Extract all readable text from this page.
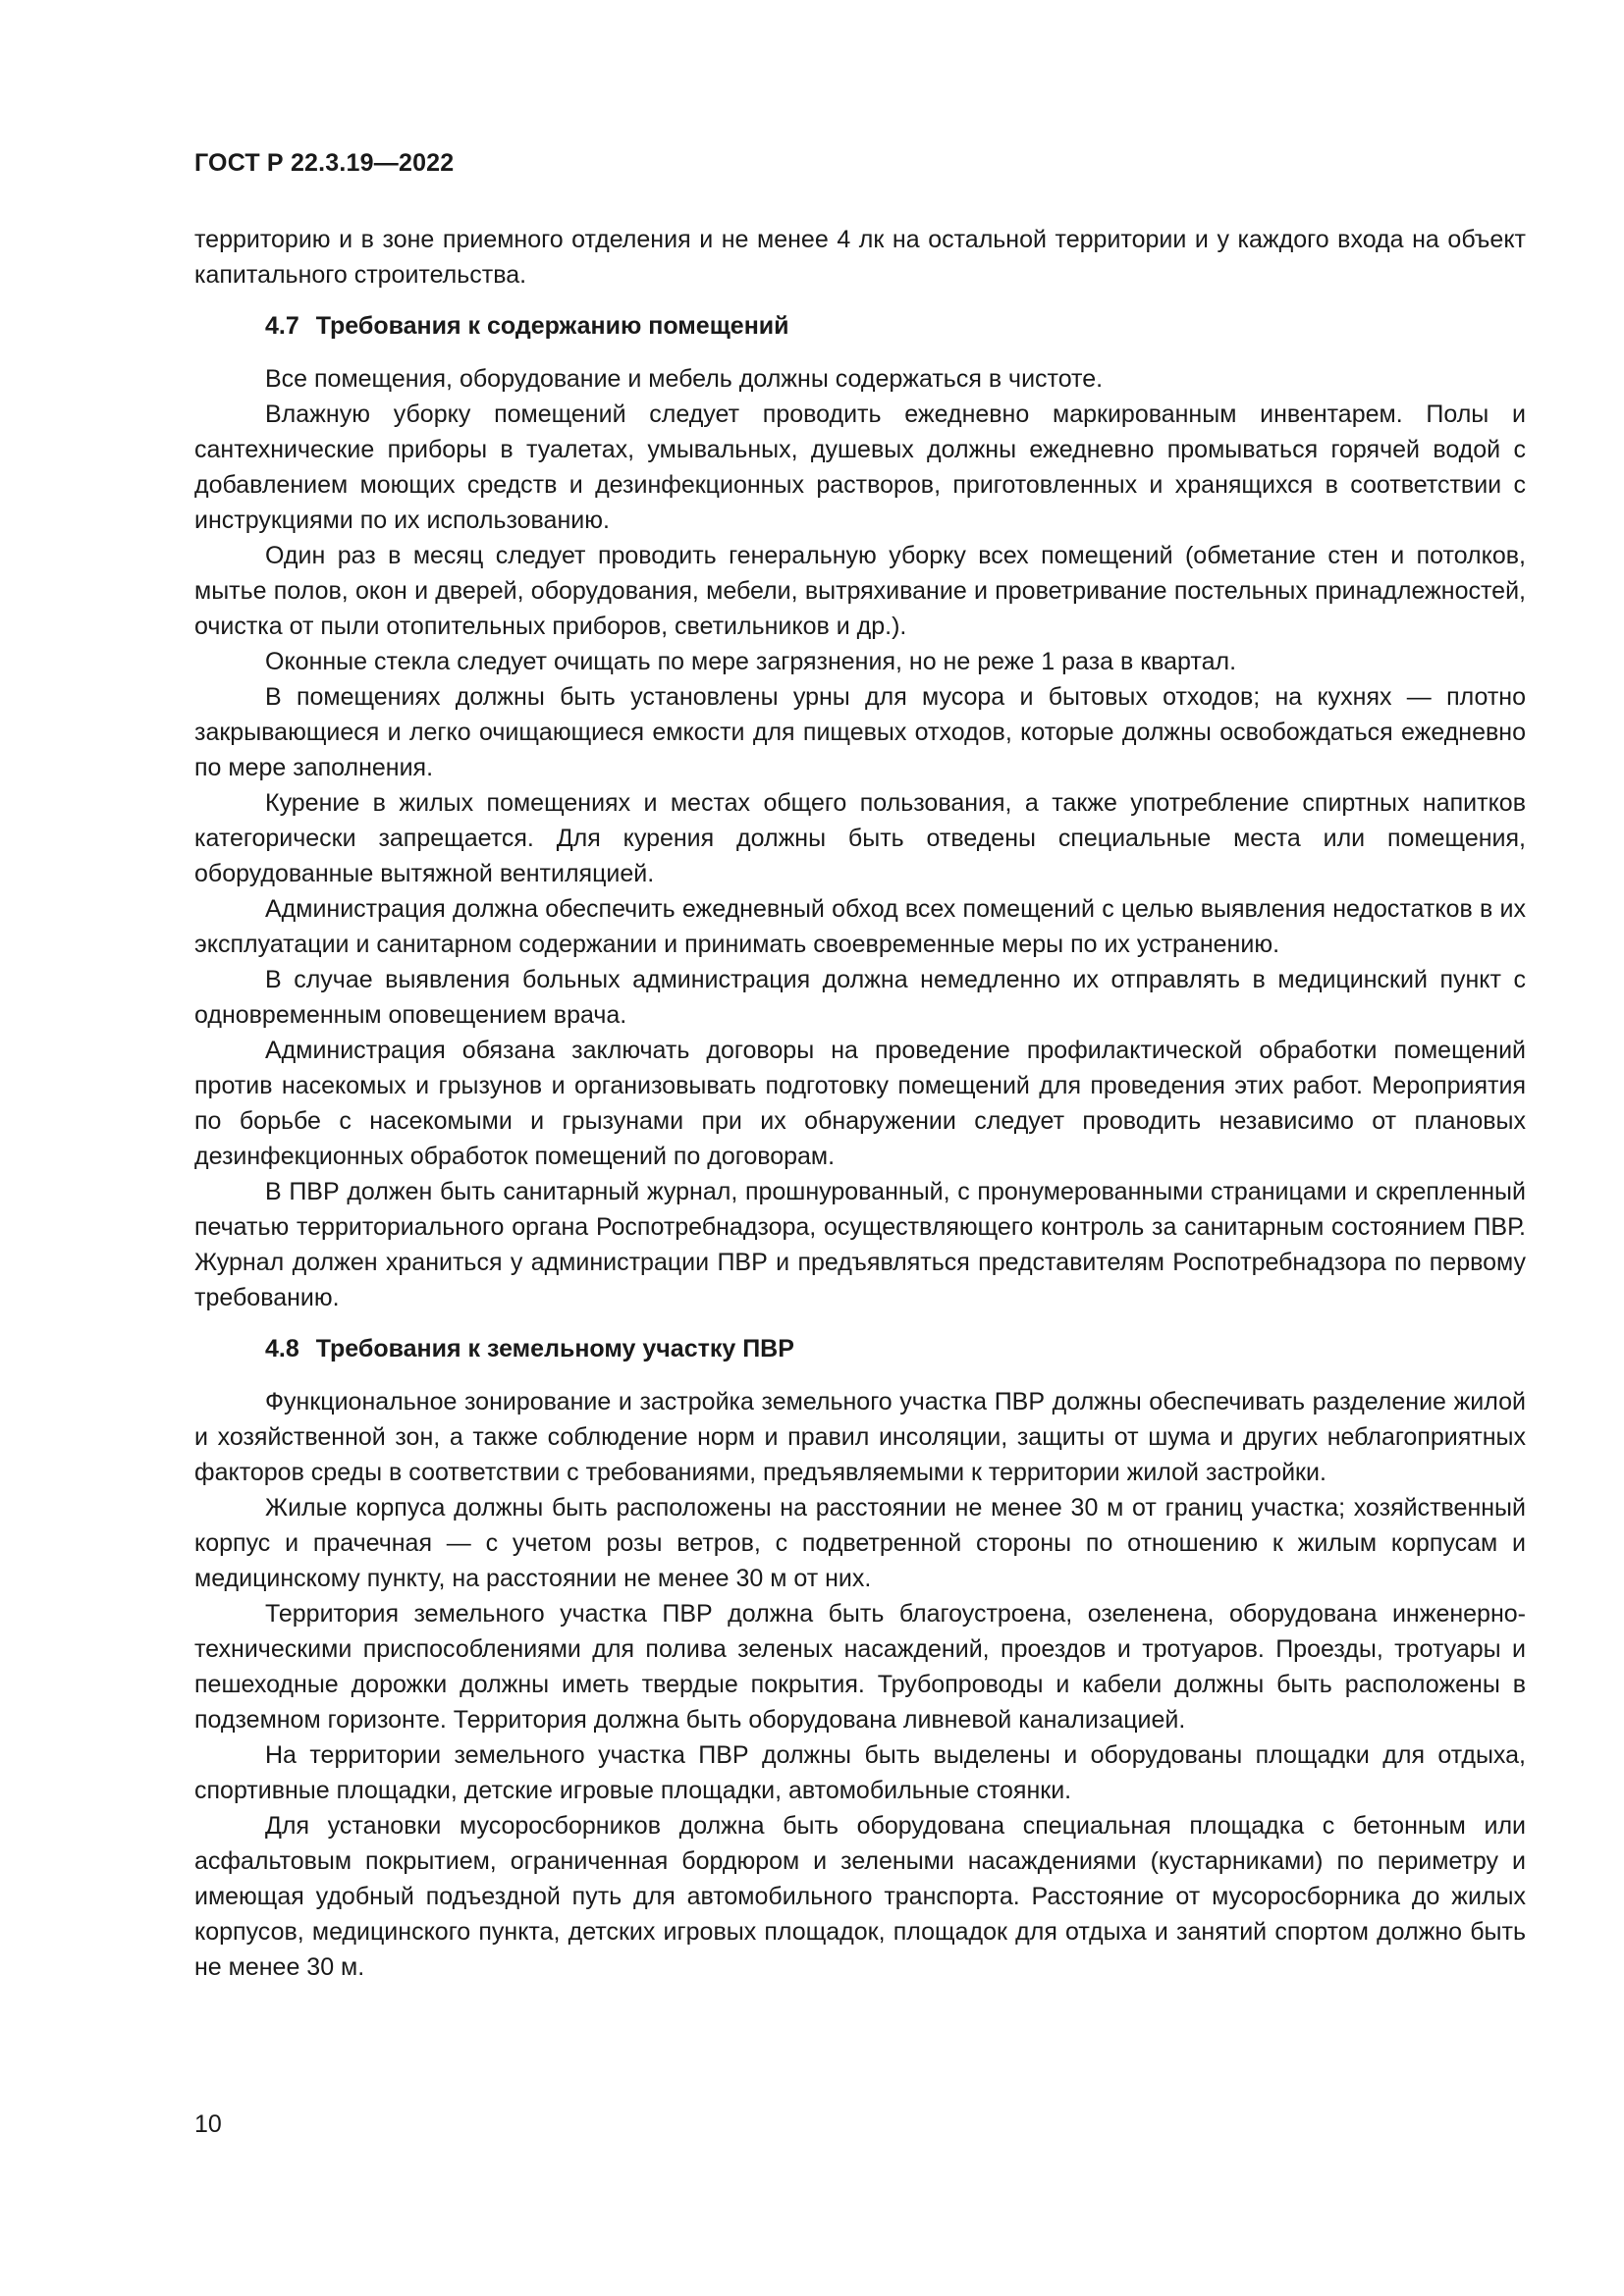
ГОСТ Р 22.3.19—2022

территорию и в зоне приемного отделения и не менее 4 лк на остальной территории и у каждого входа на объект капитального строительства.

4.7 Требования к содержанию помещений

Все помещения, оборудование и мебель должны содержаться в чистоте.

Влажную уборку помещений следует проводить ежедневно маркированным инвентарем. Полы и сантехнические приборы в туалетах, умывальных, душевых должны ежедневно промываться горячей водой с добавлением моющих средств и дезинфекционных растворов, приготовленных и хранящихся в соответствии с инструкциями по их использованию.

Один раз в месяц следует проводить генеральную уборку всех помещений (обметание стен и потолков, мытье полов, окон и дверей, оборудования, мебели, вытряхивание и проветривание постельных принадлежностей, очистка от пыли отопительных приборов, светильников и др.).

Оконные стекла следует очищать по мере загрязнения, но не реже 1 раза в квартал.

В помещениях должны быть установлены урны для мусора и бытовых отходов; на кухнях — плотно закрывающиеся и легко очищающиеся емкости для пищевых отходов, которые должны освобождаться ежедневно по мере заполнения.

Курение в жилых помещениях и местах общего пользования, а также употребление спиртных напитков категорически запрещается. Для курения должны быть отведены специальные места или помещения, оборудованные вытяжной вентиляцией.

Администрация должна обеспечить ежедневный обход всех помещений с целью выявления недостатков в их эксплуатации и санитарном содержании и принимать своевременные меры по их устранению.

В случае выявления больных администрация должна немедленно их отправлять в медицинский пункт с одновременным оповещением врача.

Администрация обязана заключать договоры на проведение профилактической обработки помещений против насекомых и грызунов и организовывать подготовку помещений для проведения этих работ. Мероприятия по борьбе с насекомыми и грызунами при их обнаружении следует проводить независимо от плановых дезинфекционных обработок помещений по договорам.

В ПВР должен быть санитарный журнал, прошнурованный, с пронумерованными страницами и скрепленный печатью территориального органа Роспотребнадзора, осуществляющего контроль за санитарным состоянием ПВР. Журнал должен храниться у администрации ПВР и предъявляться представителям Роспотребнадзора по первому требованию.

4.8 Требования к земельному участку ПВР

Функциональное зонирование и застройка земельного участка ПВР должны обеспечивать разделение жилой и хозяйственной зон, а также соблюдение норм и правил инсоляции, защиты от шума и других неблагоприятных факторов среды в соответствии с требованиями, предъявляемыми к территории жилой застройки.

Жилые корпуса должны быть расположены на расстоянии не менее 30 м от границ участка; хозяйственный корпус и прачечная — с учетом розы ветров, с подветренной стороны по отношению к жилым корпусам и медицинскому пункту, на расстоянии не менее 30 м от них.

Территория земельного участка ПВР должна быть благоустроена, озеленена, оборудована инженерно-техническими приспособлениями для полива зеленых насаждений, проездов и тротуаров. Проезды, тротуары и пешеходные дорожки должны иметь твердые покрытия. Трубопроводы и кабели должны быть расположены в подземном горизонте. Территория должна быть оборудована ливневой канализацией.

На территории земельного участка ПВР должны быть выделены и оборудованы площадки для отдыха, спортивные площадки, детские игровые площадки, автомобильные стоянки.

Для установки мусоросборников должна быть оборудована специальная площадка с бетонным или асфальтовым покрытием, ограниченная бордюром и зелеными насаждениями (кустарниками) по периметру и имеющая удобный подъездной путь для автомобильного транспорта. Расстояние от мусоросборника до жилых корпусов, медицинского пункта, детских игровых площадок, площадок для отдыха и занятий спортом должно быть не менее 30 м.

10
